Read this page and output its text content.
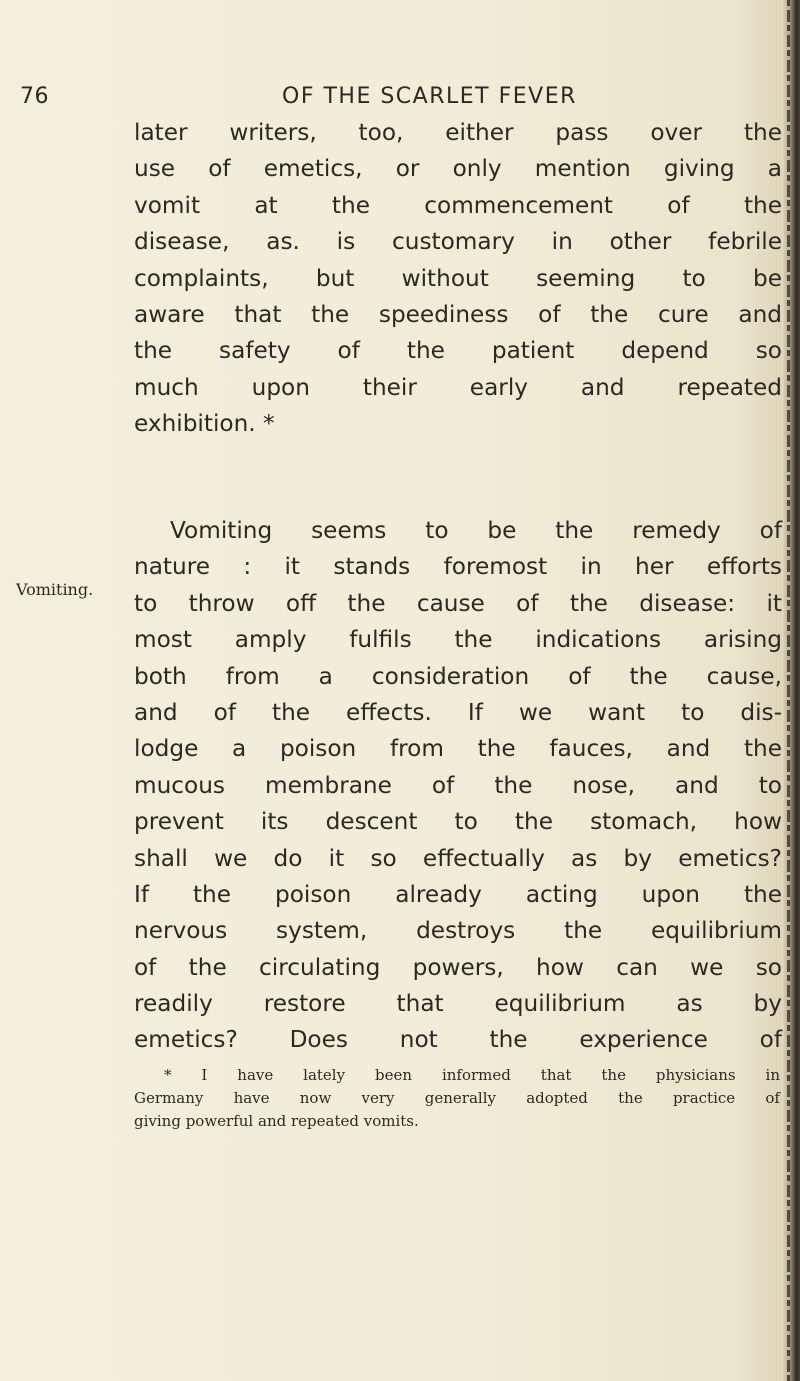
76	OF THE SCARLET FEVER
Vomiting.
later writers, too, either pass over the
use of emetics, or only mention giving a
vomit at the commencement of the
disease, as. is customary in other febrile
complaints, but without seeming to be
aware that the speediness of the cure and
the safety of the patient depend so
much upon their early and repeated
exhibition. *
Vomiting seems to be the remedy of
nature : it stands foremost in her efforts
to throw off the cause of the disease: it
most amply fulfils the indications arising
both from a consideration of the cause,
and of the effects. If we want to dis-
lodge a poison from the fauces, and the
mucous membrane of the nose, and to
prevent its descent to the stomach, how
shall we do it so effectually as by emetics?
If the poison already acting upon the
nervous system, destroys the equilibrium
of the circulating powers, how can we so
readily restore that equilibrium as by
emetics? Does not the experience of
* I have lately been informed that the physicians in
Germany have now very generally adopted the practice of
giving powerful and repeated vomits.
